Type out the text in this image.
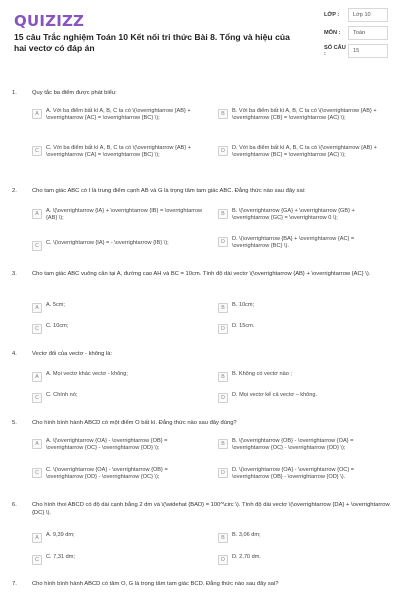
QUIZIZZ
15 câu Trắc nghiệm Toán 10 Kết nối tri thức Bài 8. Tổng và hiệu của hai vectơ có đáp án
LỚP :	Lớp 10
MÔN :	Toán
SỐ CÂU :
15
1.	Quy tắc ba điểm được phát biểu:
A	A. Với ba điểm bất kì A, B, C ta có \(\overrightarrow {AB} + \overrightarrow {AC} = \overrightarrow {BC} \);
B	B. Với ba điểm bất kì A, B, C ta có \(\overrightarrow {AB} + \overrightarrow {CB} = \overrightarrow {AC} \);
C	C. Với ba điểm bất kì A, B, C ta có \(\overrightarrow {AB} + \overrightarrow {CA} = \overrightarrow {BC} \);
D	D. Với ba điểm bất kì A, B, C ta có \(\overrightarrow {AB} + \overrightarrow {BC} = \overrightarrow {AC} \);
2.	Cho tam giác ABC có I là trung điểm cạnh AB và G là trọng tâm tam giác ABC. Đẳng thức nào sau đây sai:
A	A. \(\overrightarrow {IA} + \overrightarrow {IB} = \overrightarrow {AB} \);
B	B. \(\overrightarrow {GA} + \overrightarrow {GB} + \overrightarrow {GC} = \overrightarrow 0 \);
C	C. \(\overrightarrow {IA} = - \overrightarrow {IB} \);	D	D. \(\overrightarrow {BA} + \overrightarrow {AC} = \overrightarrow {BC} \).
3.	Cho tam giác ABC vuông cân tại A, đường cao AH và BC = 10cm. Tính độ dài vectơ \(\overrightarrow {AB} + \overrightarrow {AC} \).
A	A. 5cm;	B	B. 10cm;
C	C. 10cm;	D	D. 15cm.
4.	Vectơ đối của vectơ - không là:
A	A. Mọi vectơ khác vectơ - không;	B	B. Không có vectơ nào ;
C	C. Chính nó;	D	D. Mọi vectơ kể cả vectơ – không.
5.	Cho hình bình hành ABCD có một điểm O bất kì. Đẳng thức nào sau đây đúng?
A	A. \(\overrightarrow {OA} - \overrightarrow {OB} = \overrightarrow {OC} - \overrightarrow {OD} \);
B	B. \(\overrightarrow {OB} - \overrightarrow {OA} = \overrightarrow {OC} - \overrightarrow {OD} \);
C	C. \(\overrightarrow {OA} - \overrightarrow {OB} = \overrightarrow {OD} - \overrightarrow {OC} \);
D	D. \(\overrightarrow {OA} - \overrightarrow {OC} = \overrightarrow {OB} - \overrightarrow {OD} \).
6.	Cho hình thoi ABCD có độ dài cạnh bằng 2 dm và \(\widehat {BAD} = 100^\circ \). Tính độ dài vectơ \(\overrightarrow {DA} + \overrightarrow {DC} \).
A	A. 9,39 dm;	B	B. 3,06 dm;
C	C. 7,31 dm;	D	D. 2,70 dm.
7.	Cho hình bình hành ABCD có tâm O, G là trọng tâm tam giác BCD. Đẳng thức nào sau đây sai?
